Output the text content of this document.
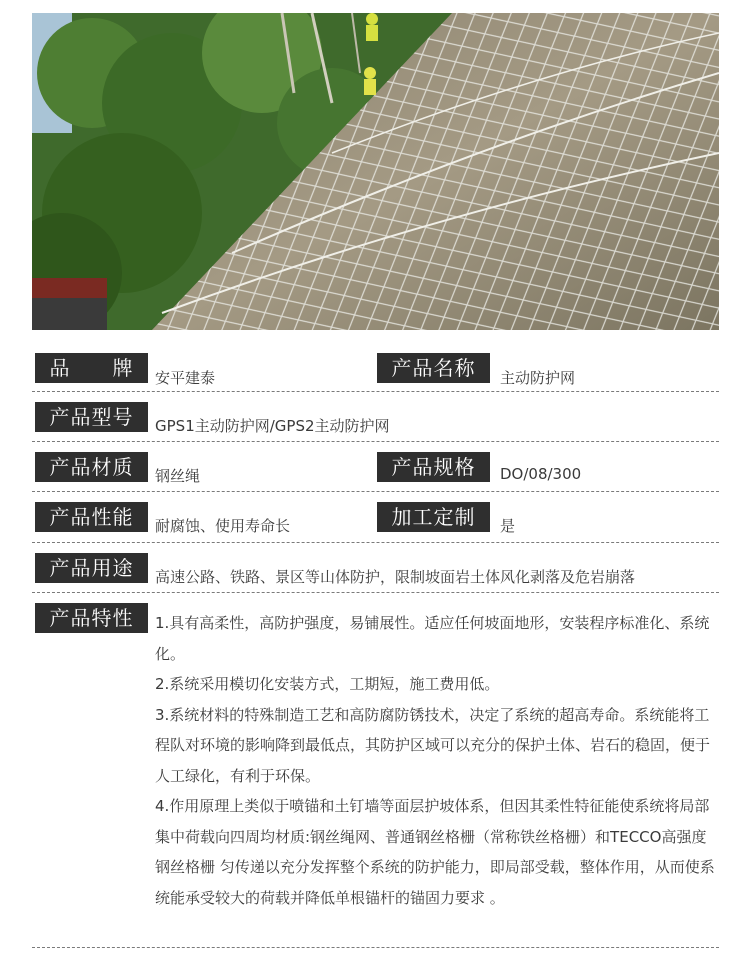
品　　牌	安平建泰	产品名称	主动防护网
产品型号	GPS1主动防护网/GPS2主动防护网
产品材质	钢丝绳	产品规格	DO/08/300
产品性能	耐腐蚀、使用寿命长	加工定制	是
产品用途	高速公路、铁路、景区等山体防护，限制坡面岩土体风化剥落及危岩崩落
产品特性	1.具有高柔性，高防护强度，易铺展性。适应任何坡面地形，安装程序标准化、系统化。

2.系统采用模切化安装方式，工期短，施工费用低。

3.系统材料的特殊制造工艺和高防腐防锈技术，决定了系统的超高寿命。系统能将工程队对环境的影响降到最低点，其防护区域可以充分的保护土体、岩石的稳固，便于人工绿化，有利于环保。

4.作用原理上类似于喷锚和土钉墙等面层护坡体系，但因其柔性特征能使系统将局部集中荷载向四周均材质:钢丝绳网、普通钢丝格栅（常称铁丝格栅）和TECCO高强度钢丝格栅 匀传递以充分发挥整个系统的防护能力，即局部受载，整体作用，从而使系统能承受较大的荷载并降低单根锚杆的锚固力要求 。
